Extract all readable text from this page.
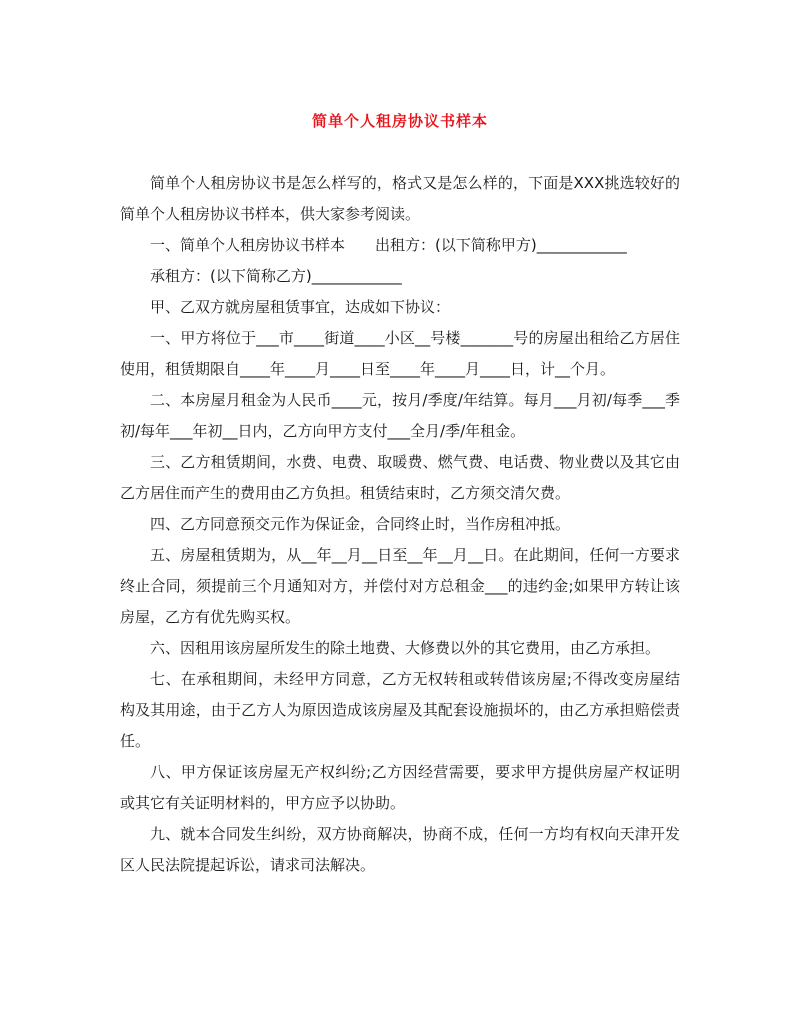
简单个人租房协议书样本

简单个人租房协议书是怎么样写的，格式又是怎么样的，下面是XXX挑选较好的简单个人租房协议书样本，供大家参考阅读。

一、简单个人租房协议书样本　　出租方：(以下简称甲方)____________

承租方：(以下简称乙方)____________

甲、乙双方就房屋租赁事宜，达成如下协议：

一、甲方将位于___市____街道____小区__号楼_______号的房屋出租给乙方居住使用，租赁期限自____年____月____日至____年____月____日，计__个月。

二、本房屋月租金为人民币____元，按月/季度/年结算。每月___月初/每季___季初/每年___年初__日内，乙方向甲方支付___全月/季/年租金。

三、乙方租赁期间，水费、电费、取暖费、燃气费、电话费、物业费以及其它由乙方居住而产生的费用由乙方负担。租赁结束时，乙方须交清欠费。

四、乙方同意预交元作为保证金，合同终止时，当作房租冲抵。

五、房屋租赁期为，从__年__月__日至__年__月__日。在此期间，任何一方要求终止合同，须提前三个月通知对方，并偿付对方总租金___的违约金;如果甲方转让该房屋，乙方有优先购买权。

六、因租用该房屋所发生的除土地费、大修费以外的其它费用，由乙方承担。

七、在承租期间，未经甲方同意，乙方无权转租或转借该房屋;不得改变房屋结构及其用途，由于乙方人为原因造成该房屋及其配套设施损坏的，由乙方承担赔偿责任。

八、甲方保证该房屋无产权纠纷;乙方因经营需要，要求甲方提供房屋产权证明或其它有关证明材料的，甲方应予以协助。

九、就本合同发生纠纷，双方协商解决，协商不成，任何一方均有权向天津开发区人民法院提起诉讼，请求司法解决。
